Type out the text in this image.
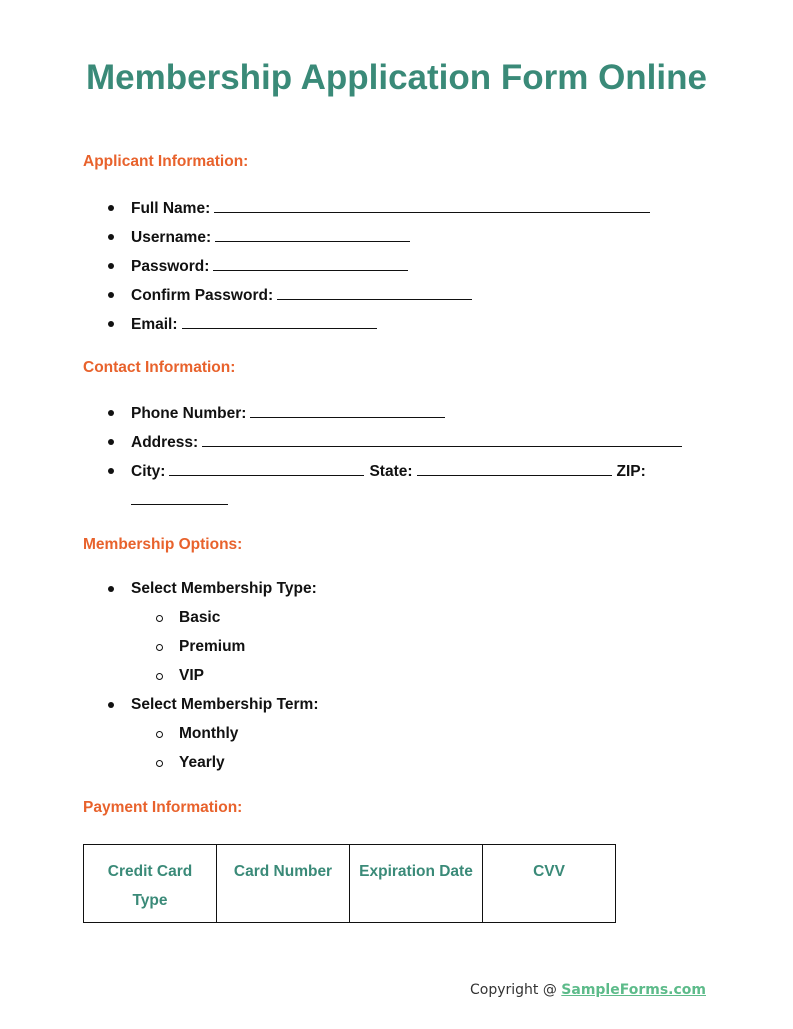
Membership Application Form Online
Applicant Information:
Full Name:
Username:
Password:
Confirm Password:
Email:
Contact Information:
Phone Number:
Address:
City:	State:	ZIP:
Membership Options:
Select Membership Type:
Basic
Premium
VIP
Select Membership Term:
Monthly
Yearly
Payment Information:
Credit Card Type	Card Number	Expiration Date	CVV
Copyright @ SampleForms.com
